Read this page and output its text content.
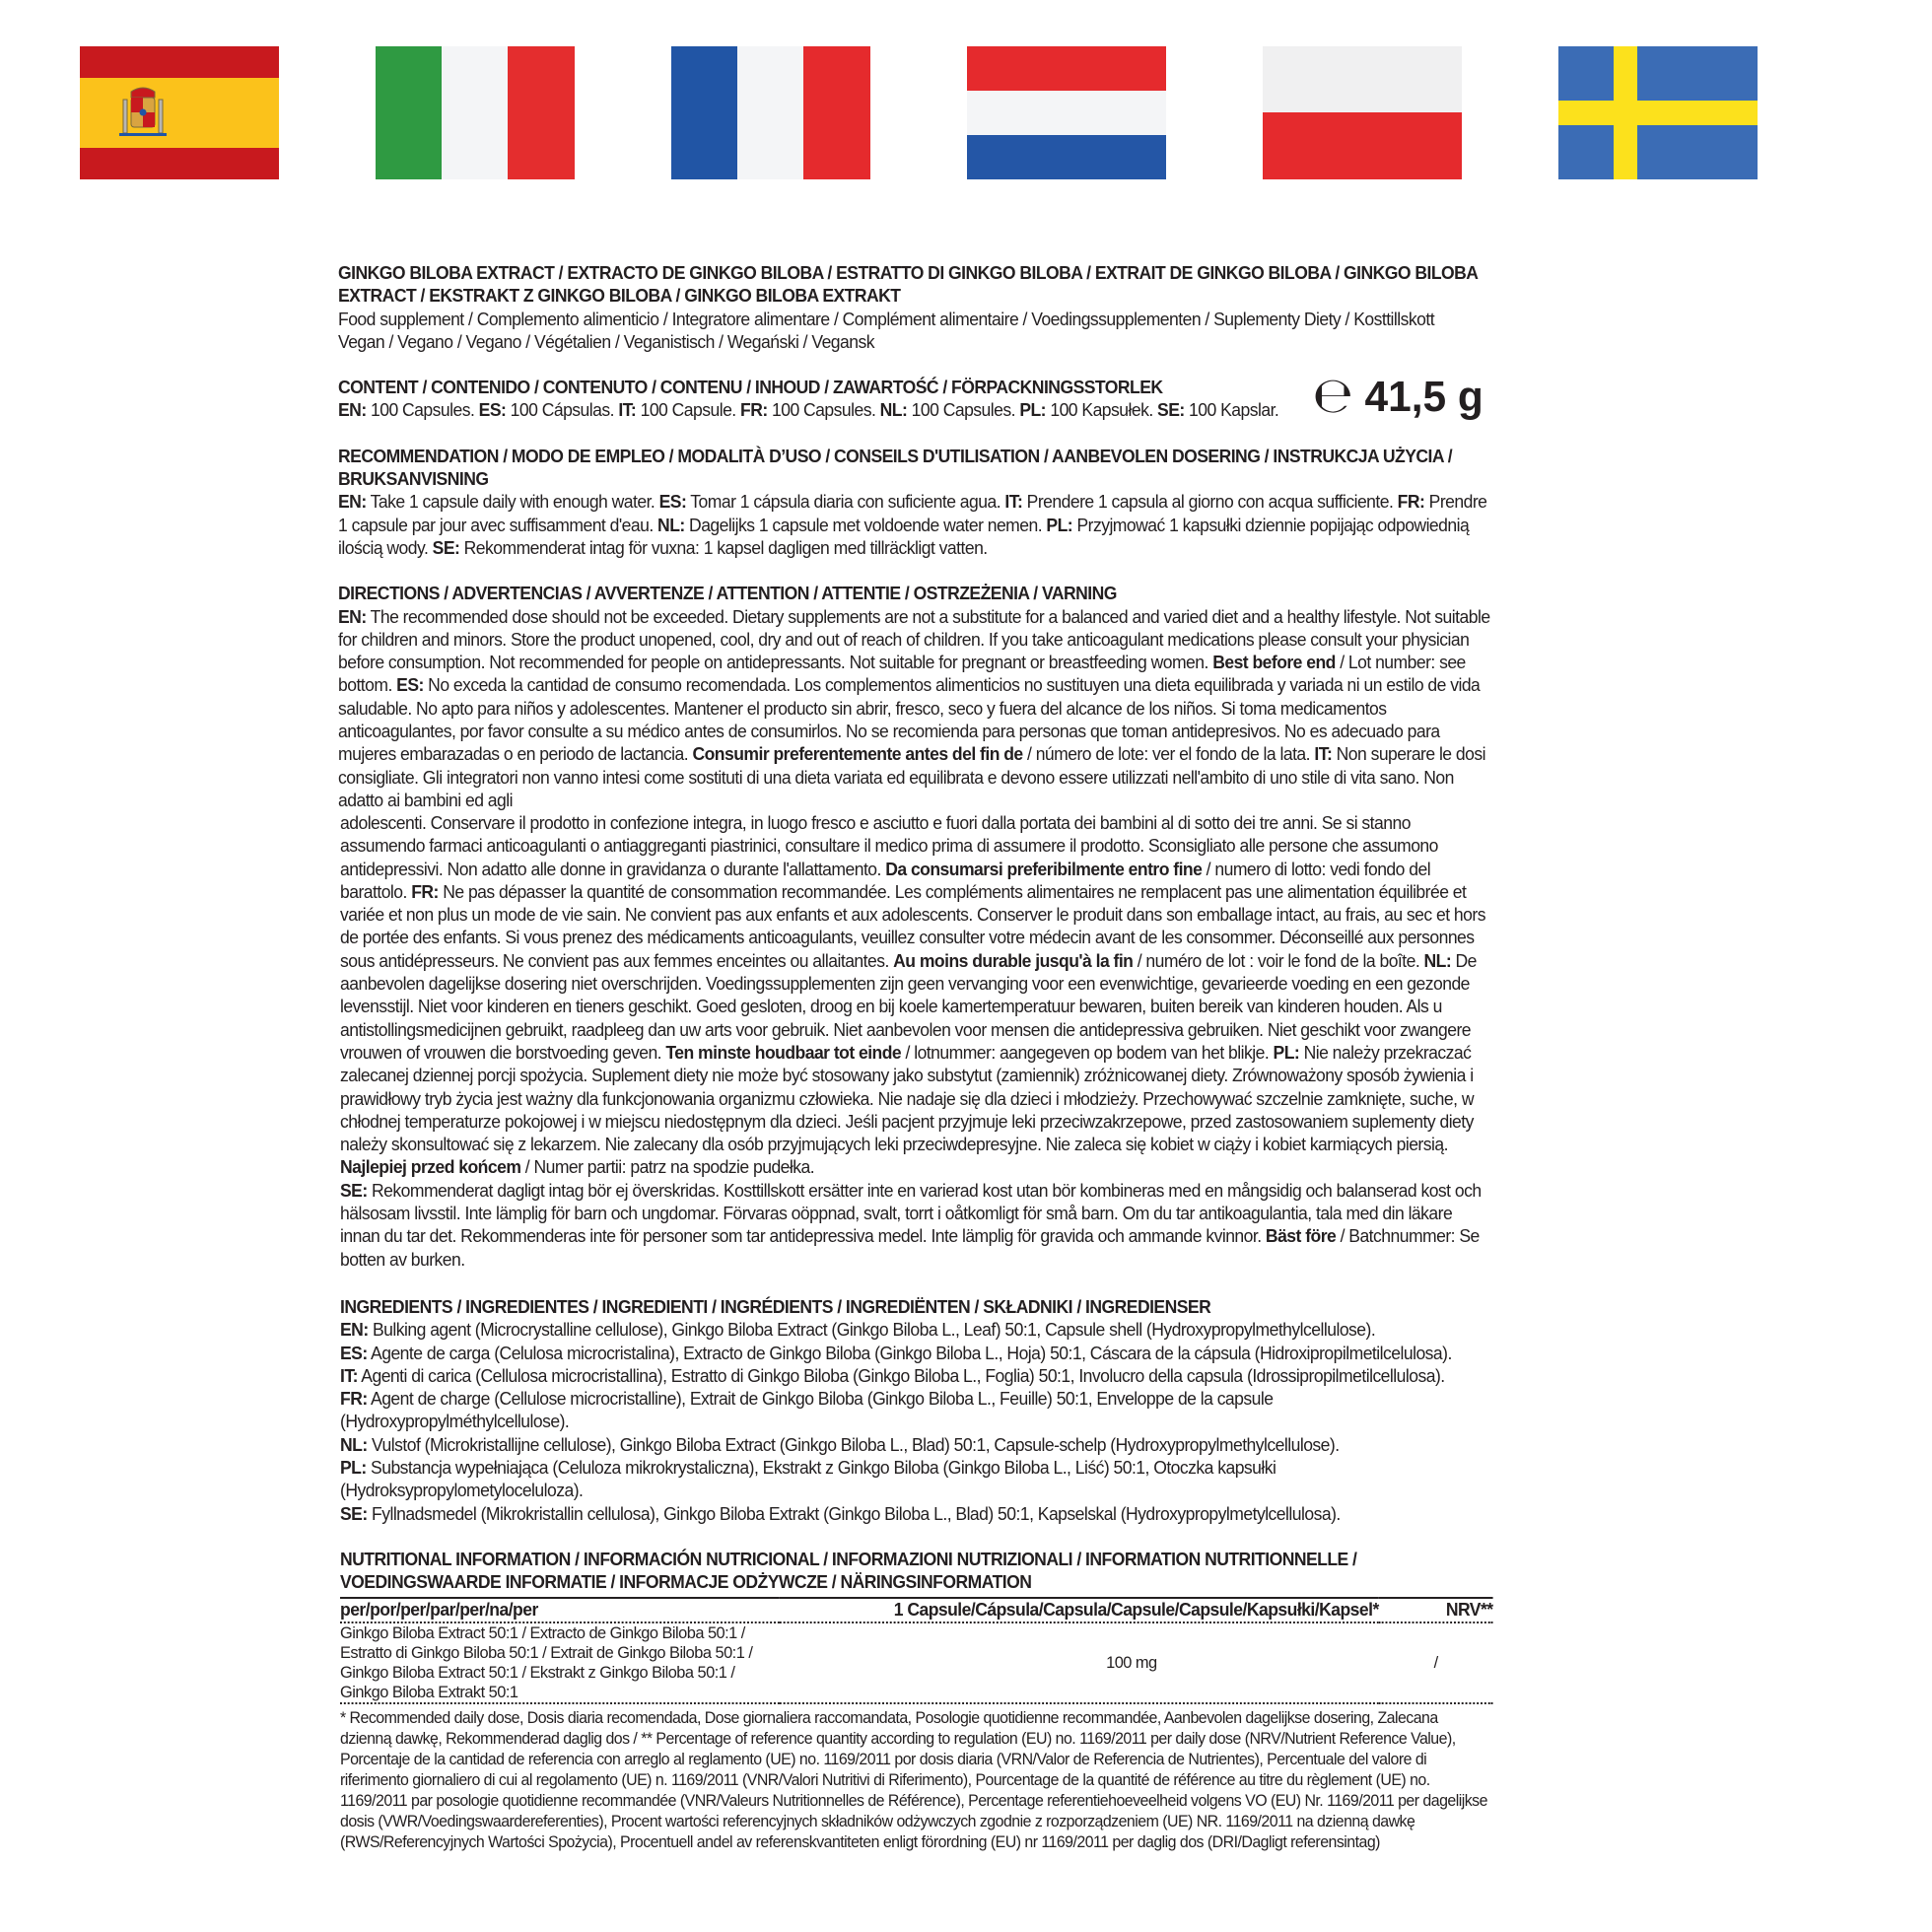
GINKGO BILOBA EXTRACT / EXTRACTO DE GINKGO BILOBA / ESTRATTO DI GINKGO BILOBA / EXTRAIT DE GINKGO BILOBA / GINKGO BILOBA EXTRACT / EKSTRAKT Z GINKGO BILOBA / GINKGO BILOBA EXTRAKT
Food supplement / Complemento alimenticio / Integratore alimentare / Complément alimentaire / Voedingssupplementen / Suplementy Diety / Kosttillskott
Vegan / Vegano / Vegano / Végétalien / Veganistisch / Wegański / Vegansk
CONTENT / CONTENIDO / CONTENUTO / CONTENU / INHOUD / ZAWARTOŚĆ / FÖRPACKNINGSSTORLEK
EN: 100 Capsules. ES: 100 Cápsulas. IT: 100 Capsule. FR: 100 Capsules. NL: 100 Capsules. PL: 100 Kapsułek. SE: 100 Kapslar. ℮ 41,5 g
RECOMMENDATION / MODO DE EMPLEO / MODALITÀ D’USO / CONSEILS D'UTILISATION / AANBEVOLEN DOSERING / INSTRUKCJA UŻYCIA / BRUKSANVISNING
EN: Take 1 capsule daily with enough water. ES: Tomar 1 cápsula diaria con suficiente agua. IT: Prendere 1 capsula al giorno con acqua sufficiente. FR: Prendre 1 capsule par jour avec suffisamment d'eau. NL: Dagelijks 1 capsule met voldoende water nemen. PL: Przyjmować 1 kapsułki dziennie popijając odpowiednią ilością wody. SE: Rekommenderat intag för vuxna: 1 kapsel dagligen med tillräckligt vatten.
DIRECTIONS / ADVERTENCIAS / AVVERTENZE / ATTENTION / ATTENTIE / OSTRZEŻENIA / VARNING
EN: The recommended dose should not be exceeded. Dietary supplements are not a substitute for a balanced and varied diet and a healthy lifestyle. Not suitable for children and minors. Store the product unopened, cool, dry and out of reach of children. If you take anticoagulant medications please consult your physician before consumption. Not recommended for people on antidepressants. Not suitable for pregnant or breastfeeding women. Best before end / Lot number: see bottom. ES: No exceda la cantidad de consumo recomendada. Los complementos alimenticios no sustituyen una dieta equilibrada y variada ni un estilo de vida saludable. No apto para niños y adolescentes. Mantener el producto sin abrir, fresco, seco y fuera del alcance de los niños. Si toma medicamentos anticoagulantes, por favor consulte a su médico antes de consumirlos. No se recomienda para personas que toman antidepresivos. No es adecuado para mujeres embarazadas o en periodo de lactancia. Consumir preferentemente antes del fin de / número de lote: ver el fondo de la lata. IT: Non superare le dosi consigliate. Gli integratori non vanno intesi come sostituti di una dieta variata ed equilibrata e devono essere utilizzati nell'ambito di uno stile di vita sano. Non adatto ai bambini ed agli
adolescenti. Conservare il prodotto in confezione integra, in luogo fresco e asciutto e fuori dalla portata dei bambini al di sotto dei tre anni. Se si stanno assumendo farmaci anticoagulanti o antiaggreganti piastrinici, consultare il medico prima di assumere il prodotto. Sconsigliato alle persone che assumono antidepressivi. Non adatto alle donne in gravidanza o durante l'allattamento. Da consumarsi preferibilmente entro fine / numero di lotto: vedi fondo del barattolo. FR: Ne pas dépasser la quantité de consommation recommandée. Les compléments alimentaires ne remplacent pas une alimentation équilibrée et variée et non plus un mode de vie sain. Ne convient pas aux enfants et aux adolescents. Conserver le produit dans son emballage intact, au frais, au sec et hors de portée des enfants. Si vous prenez des médicaments anticoagulants, veuillez consulter votre médecin avant de les consommer. Déconseillé aux personnes sous antidépresseurs. Ne convient pas aux femmes enceintes ou allaitantes. Au moins durable jusqu'à la fin / numéro de lot : voir le fond de la boîte. NL: De aanbevolen dagelijkse dosering niet overschrijden. Voedingssupplementen zijn geen vervanging voor een evenwichtige, gevarieerde voeding en een gezonde levensstijl. Niet voor kinderen en tieners geschikt. Goed gesloten, droog en bij koele kamertemperatuur bewaren, buiten bereik van kinderen houden. Als u antistollingsmedicijnen gebruikt, raadpleeg dan uw arts voor gebruik. Niet aanbevolen voor mensen die antidepressiva gebruiken. Niet geschikt voor zwangere vrouwen of vrouwen die borstvoeding geven. Ten minste houdbaar tot einde / lotnummer: aangegeven op bodem van het blikje. PL: Nie należy przekraczać zalecanej dziennej porcji spożycia. Suplement diety nie może być stosowany jako substytut (zamiennik) zróżnicowanej diety. Zrównoważony sposób żywienia i prawidłowy tryb życia jest ważny dla funkcjonowania organizmu człowieka. Nie nadaje się dla dzieci i młodzieży. Przechowywać szczelnie zamknięte, suche, w chłodnej temperaturze pokojowej i w miejscu niedostępnym dla dzieci. Jeśli pacjent przyjmuje leki przeciwzakrzepowe, przed zastosowaniem suplementy diety należy skonsultować się z lekarzem. Nie zalecany dla osób przyjmujących leki przeciwdepresyjne. Nie zaleca się kobiet w ciąży i kobiet karmiących piersią. Najlepiej przed końcem / Numer partii: patrz na spodzie pudełka.
SE: Rekommenderat dagligt intag bör ej överskridas. Kosttillskott ersätter inte en varierad kost utan bör kombineras med en mångsidig och balanserad kost och hälsosam livsstil. Inte lämplig för barn och ungdomar. Förvaras oöppnad, svalt, torrt i oåtkomligt för små barn. Om du tar antikoagulantia, tala med din läkare innan du tar det. Rekommenderas inte för personer som tar antidepressiva medel. Inte lämplig för gravida och ammande kvinnor. Bäst före / Batchnummer: Se botten av burken.
INGREDIENTS / INGREDIENTES / INGREDIENTI / INGRÉDIENTS / INGREDIËNTEN / SKŁADNIKI / INGREDIENSER
EN: Bulking agent (Microcrystalline cellulose), Ginkgo Biloba Extract (Ginkgo Biloba L., Leaf) 50:1, Capsule shell (Hydroxypropylmethylcellulose).
ES: Agente de carga (Celulosa microcristalina), Extracto de Ginkgo Biloba (Ginkgo Biloba L., Hoja) 50:1, Cáscara de la cápsula (Hidroxipropilmetilcelulosa).
IT: Agenti di carica (Cellulosa microcristallina), Estratto di Ginkgo Biloba (Ginkgo Biloba L., Foglia) 50:1, Involucro della capsula (Idrossipropilmetilcellulosa).
FR: Agent de charge (Cellulose microcristalline), Extrait de Ginkgo Biloba (Ginkgo Biloba L., Feuille) 50:1, Enveloppe de la capsule (Hydroxypropylméthylcellulose).
NL: Vulstof (Microkristallijne cellulose), Ginkgo Biloba Extract (Ginkgo Biloba L., Blad) 50:1, Capsule-schelp (Hydroxypropylmethylcellulose).
PL: Substancja wypełniająca (Celuloza mikrokrystaliczna), Ekstrakt z Ginkgo Biloba (Ginkgo Biloba L., Liść) 50:1, Otoczka kapsułki (Hydroksypropylometyloceluloza).
SE: Fyllnadsmedel (Mikrokristallin cellulosa), Ginkgo Biloba Extrakt (Ginkgo Biloba L., Blad) 50:1, Kapselskal (Hydroxypropylmetylcellulosa).
NUTRITIONAL INFORMATION / INFORMACIÓN NUTRICIONAL / INFORMAZIONI NUTRIZIONALI / INFORMATION NUTRITIONNELLE / VOEDINGSWAARDE INFORMATIE / INFORMACJE ODŻYWCZE / NÄRINGSINFORMATION
per/por/per/par/per/na/per	1 Capsule/Cápsula/Capsula/Capsule/Capsule/Kapsułki/Kapsel*	NRV**

Ginkgo Biloba Extract 50:1 / Extracto de Ginkgo Biloba 50:1 / Estratto di Ginkgo Biloba 50:1 / Extrait de Ginkgo Biloba 50:1 /
Ginkgo Biloba Extract 50:1 / Ekstrakt z Ginkgo Biloba 50:1 / Ginkgo Biloba Extrakt 50:1	100 mg	/
* Recommended daily dose, Dosis diaria recomendada, Dose giornaliera raccomandata, Posologie quotidienne recommandée, Aanbevolen dagelijkse dosering, Zalecana dzienną dawkę, Rekommenderad daglig dos / ** Percentage of reference quantity according to regulation (EU) no. 1169/2011 per daily dose (NRV/Nutrient Reference Value), Porcentaje de la cantidad de referencia con arreglo al reglamento (UE) no. 1169/2011 por dosis diaria (VRN/Valor de Referencia de Nutrientes), Percentuale del valore di riferimento giornaliero di cui al regolamento (UE) n. 1169/2011 (VNR/Valori Nutritivi di Riferimento), Pourcentage de la quantité de référence au titre du règlement (UE) no. 1169/2011 par posologie quotidienne recommandée (VNR/Valeurs Nutritionnelles de Référence), Percentage referentiehoeveelheid volgens VO (EU) Nr. 1169/2011 per dagelijkse dosis (VWR/Voedingswaardereferenties), Procent wartości referencyjnych składników odżywczych zgodnie z rozporządzeniem (UE) NR. 1169/2011 na dzienną dawkę (RWS/Referencyjnych Wartości Spożycia), Procentuell andel av referenskvantiteten enligt förordning (EU) nr 1169/2011 per daglig dos (DRI/Dagligt referensintag)
